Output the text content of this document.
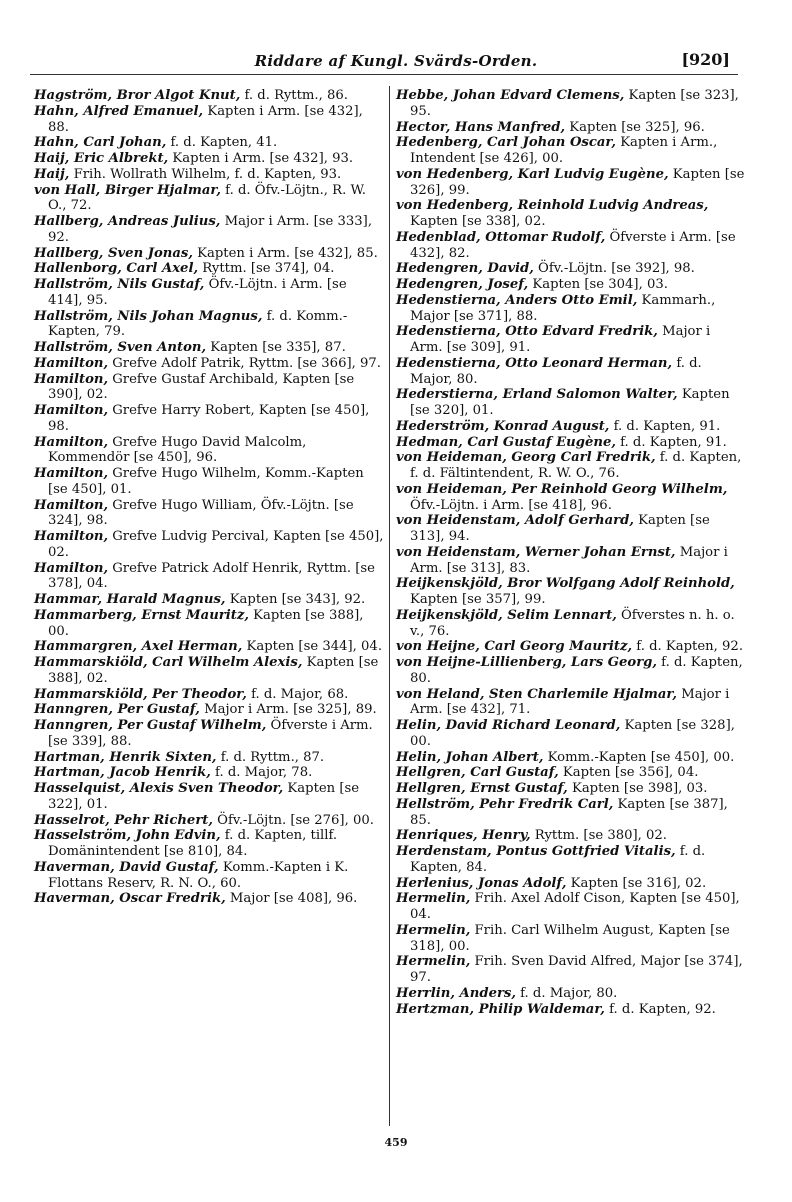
Riddare af Kungl. Svärds-Orden.	[920]

Hagström, Bror Algot Knut, f. d. Ryttm., 86.

Hahn, Alfred Emanuel, Kapten i Arm. [se 432], 88.

Hahn, Carl Johan, f. d. Kapten, 41.

Haij, Eric Albrekt, Kapten i Arm. [se 432], 93.

Haij, Frih. Wollrath Wilhelm, f. d. Kapten, 93.

von Hall, Birger Hjalmar, f. d. Öfv.-Löjtn., R. W. O., 72.

Hallberg, Andreas Julius, Major i Arm. [se 333], 92.

Hallberg, Sven Jonas, Kapten i Arm. [se 432], 85.

Hallenborg, Carl Axel, Ryttm. [se 374], 04.

Hallström, Nils Gustaf, Öfv.-Löjtn. i Arm. [se 414], 95.

Hallström, Nils Johan Magnus, f. d. Komm.-Kapten, 79.

Hallström, Sven Anton, Kapten [se 335], 87.

Hamilton, Grefve Adolf Patrik, Ryttm. [se 366], 97.

Hamilton, Grefve Gustaf Archibald, Kapten [se 390], 02.

Hamilton, Grefve Harry Robert, Kapten [se 450], 98.

Hamilton, Grefve Hugo David Malcolm, Kommendör [se 450], 96.

Hamilton, Grefve Hugo Wilhelm, Komm.-Kapten [se 450], 01.

Hamilton, Grefve Hugo William, Öfv.-Löjtn. [se 324], 98.

Hamilton, Grefve Ludvig Percival, Kapten [se 450], 02.

Hamilton, Grefve Patrick Adolf Henrik, Ryttm. [se 378], 04.

Hammar, Harald Magnus, Kapten [se 343], 92.

Hammarberg, Ernst Mauritz, Kapten [se 388], 00.

Hammargren, Axel Herman, Kapten [se 344], 04.

Hammarskiöld, Carl Wilhelm Alexis, Kapten [se 388], 02.

Hammarskiöld, Per Theodor, f. d. Major, 68.

Hanngren, Per Gustaf, Major i Arm. [se 325], 89.

Hanngren, Per Gustaf Wilhelm, Öfverste i Arm. [se 339], 88.

Hartman, Henrik Sixten, f. d. Ryttm., 87.

Hartman, Jacob Henrik, f. d. Major, 78.

Hasselquist, Alexis Sven Theodor, Kapten [se 322], 01.

Hasselrot, Pehr Richert, Öfv.-Löjtn. [se 276], 00.

Hasselström, John Edvin, f. d. Kapten, tillf. Domänintendent [se 810], 84.

Haverman, David Gustaf, Komm.-Kapten i K. Flottans Reserv, R. N. O., 60.

Haverman, Oscar Fredrik, Major [se 408], 96.

Hebbe, Johan Edvard Clemens, Kapten [se 323], 95.

Hector, Hans Manfred, Kapten [se 325], 96.

Hedenberg, Carl Johan Oscar, Kapten i Arm., Intendent [se 426], 00.

von Hedenberg, Karl Ludvig Eugène, Kapten [se 326], 99.

von Hedenberg, Reinhold Ludvig Andreas, Kapten [se 338], 02.

Hedenblad, Ottomar Rudolf, Öfverste i Arm. [se 432], 82.

Hedengren, David, Öfv.-Löjtn. [se 392], 98.

Hedengren, Josef, Kapten [se 304], 03.

Hedenstierna, Anders Otto Emil, Kammarh., Major [se 371], 88.

Hedenstierna, Otto Edvard Fredrik, Major i Arm. [se 309], 91.

Hedenstierna, Otto Leonard Herman, f. d. Major, 80.

Hederstierna, Erland Salomon Walter, Kapten [se 320], 01.

Hederström, Konrad August, f. d. Kapten, 91.

Hedman, Carl Gustaf Eugène, f. d. Kapten, 91.

von Heideman, Georg Carl Fredrik, f. d. Kapten, f. d. Fältintendent, R. W. O., 76.

von Heideman, Per Reinhold Georg Wilhelm, Öfv.-Löjtn. i Arm. [se 418], 96.

von Heidenstam, Adolf Gerhard, Kapten [se 313], 94.

von Heidenstam, Werner Johan Ernst, Major i Arm. [se 313], 83.

Heijkenskjöld, Bror Wolfgang Adolf Reinhold, Kapten [se 357], 99.

Heijkenskjöld, Selim Lennart, Öfverstes n. h. o. v., 76.

von Heijne, Carl Georg Mauritz, f. d. Kapten, 92.

von Heijne-Lillienberg, Lars Georg, f. d. Kapten, 80.

von Heland, Sten Charlemile Hjalmar, Major i Arm. [se 432], 71.

Helin, David Richard Leonard, Kapten [se 328], 00.

Helin, Johan Albert, Komm.-Kapten [se 450], 00.

Hellgren, Carl Gustaf, Kapten [se 356], 04.

Hellgren, Ernst Gustaf, Kapten [se 398], 03.

Hellström, Pehr Fredrik Carl, Kapten [se 387], 85.

Henriques, Henry, Ryttm. [se 380], 02.

Herdenstam, Pontus Gottfried Vitalis, f. d. Kapten, 84.

Herlenius, Jonas Adolf, Kapten [se 316], 02.

Hermelin, Frih. Axel Adolf Cison, Kapten [se 450], 04.

Hermelin, Frih. Carl Wilhelm August, Kapten [se 318], 00.

Hermelin, Frih. Sven David Alfred, Major [se 374], 97.

Herrlin, Anders, f. d. Major, 80.

Hertzman, Philip Waldemar, f. d. Kapten, 92.

459
